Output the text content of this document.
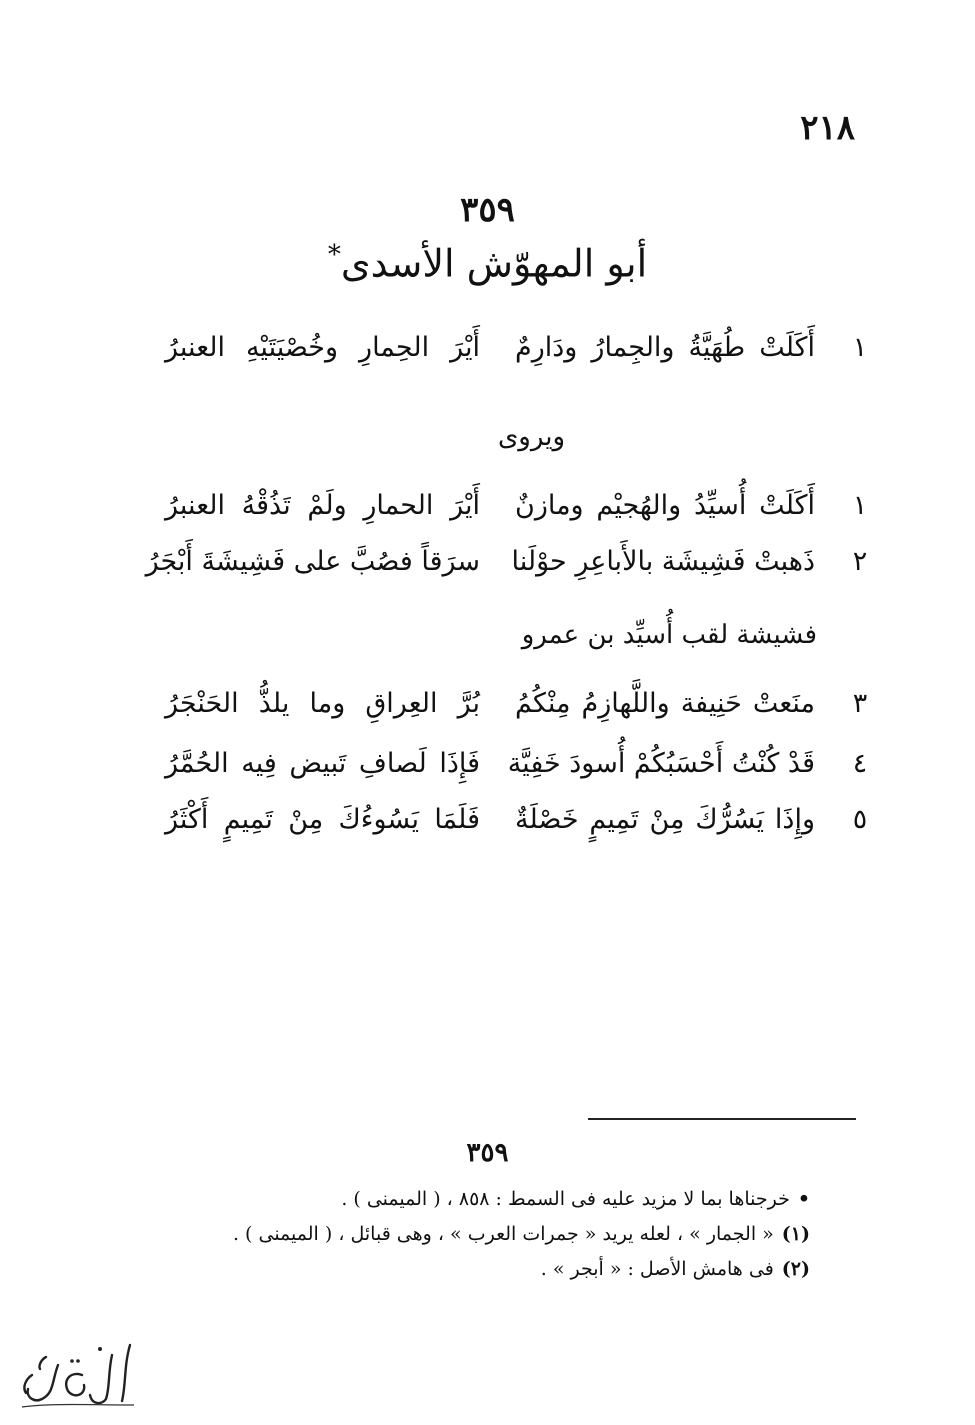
٢١٨
٣٥٩
أبو المهوّش الأسدى*
١
أَكَلَتْ طُهَيَّةُ والجِمارُ ودَارِمٌ
أَيْرَ الحِمارِ وخُصْيَتَيْهِ العنبرُ
ويروى
١
أَكَلَتْ أُسيِّدُ والهُجيْم ومازنٌ
أَيْرَ الحمارِ ولَمْ تَذُقْهُ العنبرُ
٢
ذَهبتْ فَشِيشَة بالأَباعِرِ حوْلَنا
سرَقاً فصُبَّ على فَشِيشَةَ أَبْجَرُ
فشيشة لقب أُسيِّد بن عمرو
٣
منَعتْ حَنِيفة واللَّهازِمُ مِنْكُمُ
بُرَّ العِراقِ وما يلذُّ الحَنْجَرُ
٤
قَدْ كُنْتُ أَحْسَبُكُمْ أُسودَ خَفِيَّة
فَإِذَا لَصافِ تَبيض فِيه الحُمَّرُ
٥
وإِذَا يَسُرُّكَ مِنْ تَمِيمٍ خَصْلَةٌ
فَلَمَا يَسُوءُكَ مِنْ تَمِيمٍ أَكْثَرُ
٣٥٩
•خرجناها بما لا مزيد عليه فى السمط : ٨٥٨ ، ( الميمنى ) .
(١)« الجمار » ، لعله يريد « جمرات العرب » ، وهى قبائل ، ( الميمنى ) .
(٢)فى هامش الأصل : « أبجر » .
